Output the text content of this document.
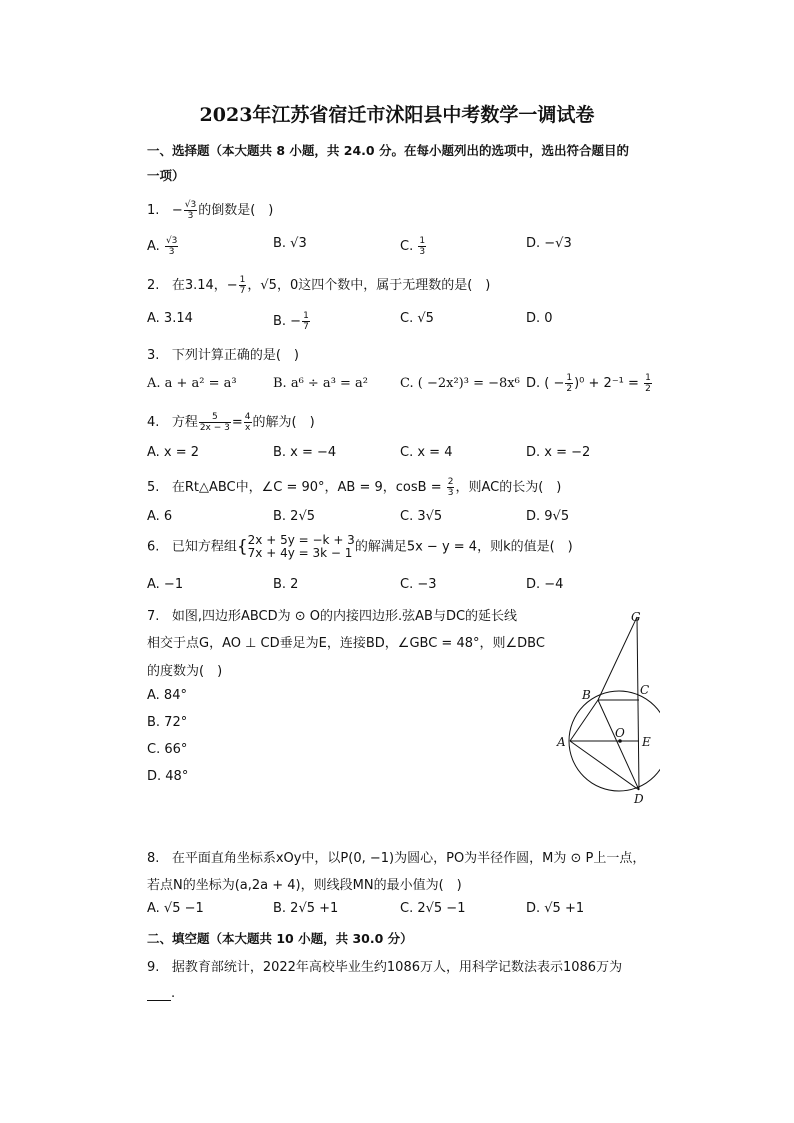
2023年江苏省宿迁市沭阳县中考数学一调试卷
一、选择题（本大题共 8 小题，共 24.0 分。在每小题列出的选项中，选出符合题目的
一项）
1. − $\frac{√3}{3}$ 的倒数是( )
A. $\frac{√3}{3}$	B. √3	C. $\frac{1}{3}$	D. −√3
2. 在3.14，− $\frac{1}{7}$ ，√5，0这四个数中，属于无理数的是( )
A. 3.14	B. − $\frac{1}{7}$	C. √5	D. 0
3. 下列计算正确的是( )
A. a + a² = a³	B. a⁶ ÷ a³ = a² C. ( −2x²)³ = −8x⁶ D. ( − $\frac{1}{2} )^0 + 2^{-1} = \frac{1}{2}$
4. 方程 $\frac{5}{2x - 3} = \frac{4}{x}$ 的解为( )
A. x = 2	B. x = −4	C. x = 4	D. x = −2
5. 在Rt△ABC中，∠C = 90°，AB = 9，$\cos B = \frac{2}{3}$ ，则AC的长为( )
A. 6	B. 2√5	C. 3√5	D. 9√5
6. 已知方程组{ 2x + 5y = −k + 3
7x + 4y = 3k − 1 的解满足5x − y = 4，则k的值是( )
A. −1	B. 2	C. −3	D. −4
7. 如图,四边形ABCD为 ⊙ O的内接四边形.弦AB与DC的延长线
相交于点G，AO ⊥ CD垂足为E，连接BD，∠GBC = 48°，则∠DBC
的度数为( )
A. 84°
B. 72°
C. 66°
D. 48°
G
B	C
A
O
E
D
8. 在平面直角坐标系xOy中，以P(0, −1)为圆心，PO为半径作圆，M为 ⊙ P上一点，
若点N的坐标为(a,2a + 4)，则线段MN的最小值为( )
A. √5 −1	B. 2√5 +1	C. 2√5 −1	D. √5 +1
二、填空题（本大题共 10 小题，共 30.0 分）
9. 据教育部统计，2022年高校毕业生约1086万人，用科学记数法表示1086万为
.
